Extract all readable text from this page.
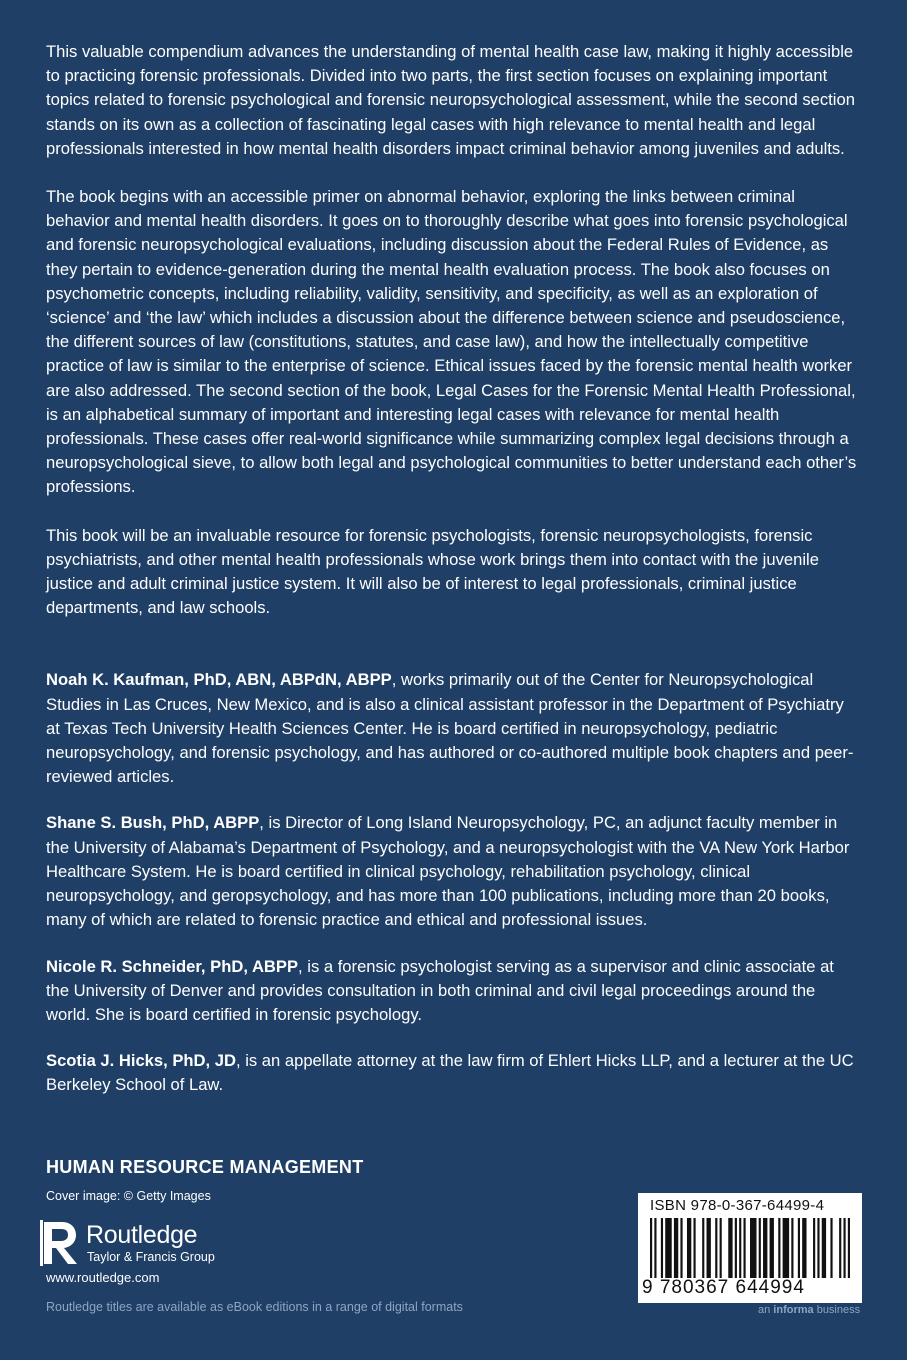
This valuable compendium advances the understanding of mental health case law, making it highly accessible to practicing forensic professionals. Divided into two parts, the first section focuses on explaining important topics related to forensic psychological and forensic neuropsychological assessment, while the second section stands on its own as a collection of fascinating legal cases with high relevance to mental health and legal professionals interested in how mental health disorders impact criminal behavior among juveniles and adults.

The book begins with an accessible primer on abnormal behavior, exploring the links between criminal behavior and mental health disorders. It goes on to thoroughly describe what goes into forensic psychological and forensic neuropsychological evaluations, including discussion about the Federal Rules of Evidence, as they pertain to evidence-generation during the mental health evaluation process. The book also focuses on psychometric concepts, including reliability, validity, sensitivity, and specificity, as well as an exploration of ‘science’ and ‘the law’ which includes a discussion about the difference between science and pseudoscience, the different sources of law (constitutions, statutes, and case law), and how the intellectually competitive practice of law is similar to the enterprise of science. Ethical issues faced by the forensic mental health worker are also addressed. The second section of the book, Legal Cases for the Forensic Mental Health Professional, is an alphabetical summary of important and interesting legal cases with relevance for mental health professionals. These cases offer real-world significance while summarizing complex legal decisions through a neuropsychological sieve, to allow both legal and psychological communities to better understand each other’s professions.

This book will be an invaluable resource for forensic psychologists, forensic neuropsychologists, forensic psychiatrists, and other mental health professionals whose work brings them into contact with the juvenile justice and adult criminal justice system. It will also be of interest to legal professionals, criminal justice departments, and law schools.

Noah K. Kaufman, PhD, ABN, ABPdN, ABPP, works primarily out of the Center for Neuropsychological Studies in Las Cruces, New Mexico, and is also a clinical assistant professor in the Department of Psychiatry at Texas Tech University Health Sciences Center. He is board certified in neuropsychology, pediatric neuropsychology, and forensic psychology, and has authored or co-authored multiple book chapters and peer-reviewed articles.

Shane S. Bush, PhD, ABPP, is Director of Long Island Neuropsychology, PC, an adjunct faculty member in the University of Alabama’s Department of Psychology, and a neuropsychologist with the VA New York Harbor Healthcare System. He is board certified in clinical psychology, rehabilitation psychology, clinical neuropsychology, and geropsychology, and has more than 100 publications, including more than 20 books, many of which are related to forensic practice and ethical and professional issues.

Nicole R. Schneider, PhD, ABPP, is a forensic psychologist serving as a supervisor and clinic associate at the University of Denver and provides consultation in both criminal and civil legal proceedings around the world. She is board certified in forensic psychology.

Scotia J. Hicks, PhD, JD, is an appellate attorney at the law firm of Ehlert Hicks LLP, and a lecturer at the UC Berkeley School of Law.

HUMAN RESOURCE MANAGEMENT
Cover image: © Getty Images
Routledge
Taylor & Francis Group
www.routledge.com
Routledge titles are available as eBook editions in a range of digital formats
ISBN 978-0-367-64499-4
9 780367 644994
an informa business
